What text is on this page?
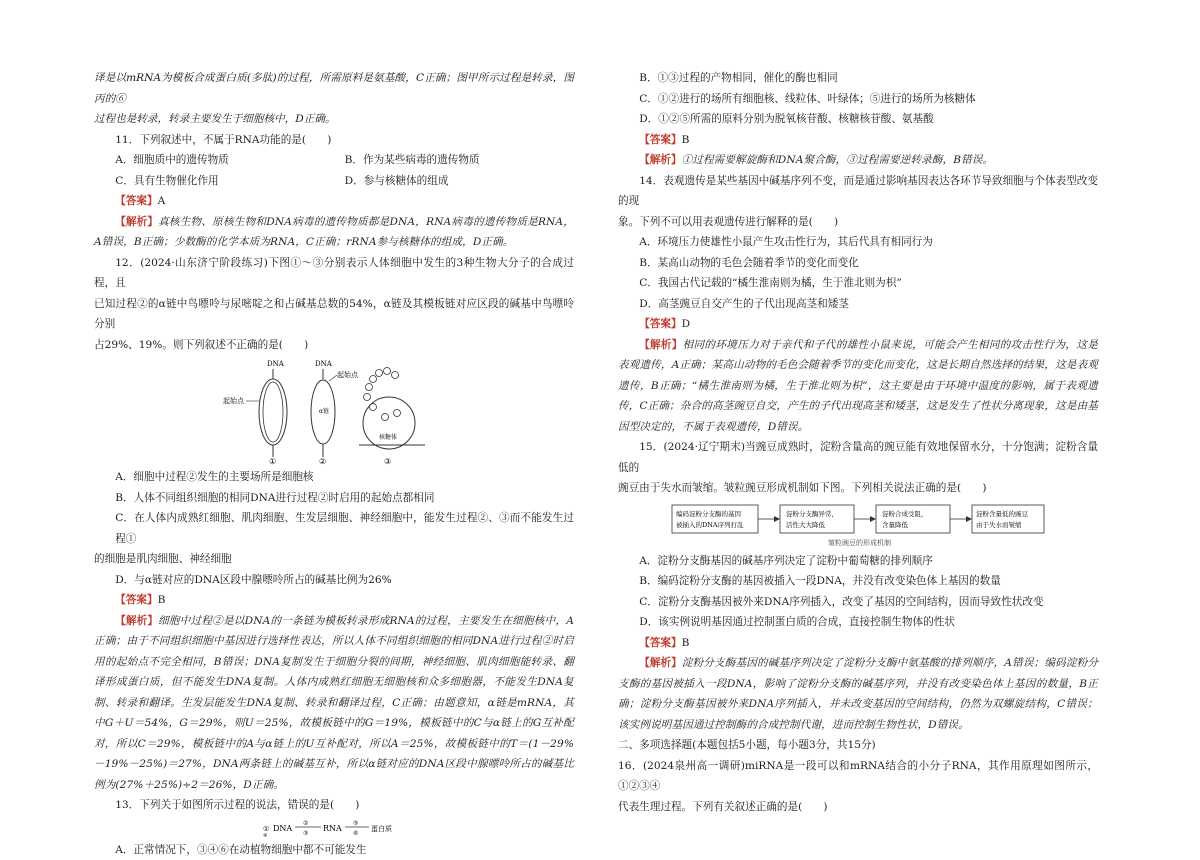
译是以mRNA为模板合成蛋白质(多肽)的过程，所需原料是氨基酸，C正确；图甲所示过程是转录，图丙的⑥

过程也是转录，转录主要发生于细胞核中，D正确。

11．下列叙述中，不属于RNA功能的是(　　)

A．细胞质中的遗传物质	B．作为某些病毒的遗传物质
C．具有生物催化作用	D．参与核糖体的组成

【答案】A

【解析】真核生物、原核生物和DNA病毒的遗传物质都是DNA，RNA病毒的遗传物质是RNA，A错误，B正确；少数酶的化学本质为RNA，C正确；rRNA参与核糖体的组成，D正确。

12．(2024·山东济宁阶段练习)下图①～③分别表示人体细胞中发生的3种生物大分子的合成过程，且

已知过程②的α链中鸟嘌呤与尿嘧啶之和占碱基总数的54%，α链及其模板链对应区段的碱基中鸟嘌呤分别

占29%、19%。则下列叙述不正确的是(　　)

DNA
起始点
①
DNA
α链
起始点
②
核糖体
③

A．细胞中过程②发生的主要场所是细胞核

B．人体不同组织细胞的相同DNA进行过程②时启用的起始点都相同

C．在人体内成熟红细胞、肌肉细胞、生发层细胞、神经细胞中，能发生过程②、③而不能发生过程①

的细胞是肌肉细胞、神经细胞

D．与α链对应的DNA区段中腺嘌呤所占的碱基比例为26%

【答案】B

【解析】细胞中过程②是以DNA的一条链为模板转录形成RNA的过程，主要发生在细胞核中，A正确；由于不同组织细胞中基因进行选择性表达，所以人体不同组织细胞的相同DNA进行过程②时启用的起始点不完全相同，B错误；DNA复制发生于细胞分裂的间期，神经细胞、肌肉细胞能转录、翻译形成蛋白质，但不能发生DNA复制。人体内成熟红细胞无细胞核和众多细胞器，不能发生DNA复制、转录和翻译。生发层能发生DNA复制、转录和翻译过程，C正确；由题意知，α链是mRNA，其中G＋U＝54%，G＝29%，则U＝25%，故模板链中的G＝19%，模板链中的C与α链上的G互补配对，所以C＝29%，模板链中的A与α链上的U互补配对，所以A＝25%，故模板链中的T＝(1－29%－19%－25%)＝27%，DNA两条链上的碱基互补，所以α链对应的DNA区段中腺嘌呤所占的碱基比例为(27%＋25%)÷2＝26%，D正确。

13．下列关于如图所示过程的说法，错误的是(　　)

① DNA
②
③
RNA
⑤
⑥
蛋白质
④

A．正常情况下，③④⑥在动植物细胞中都不可能发生

B．①③过程的产物相同，催化的酶也相同

C．①②进行的场所有细胞核、线粒体、叶绿体；⑤进行的场所为核糖体

D．①②⑤所需的原料分别为脱氧核苷酸、核糖核苷酸、氨基酸

【答案】B

【解析】①过程需要解旋酶和DNA聚合酶，③过程需要逆转录酶，B错误。

14．表观遗传是某些基因中碱基序列不变，而是通过影响基因表达各环节导致细胞与个体表型改变的现

象。下列不可以用表观遗传进行解释的是(　　)

A．环境压力使雄性小鼠产生攻击性行为，其后代具有相同行为

B．某高山动物的毛色会随着季节的变化而变化

C．我国古代记载的“橘生淮南则为橘，生于淮北则为枳”

D．高茎豌豆自交产生的子代出现高茎和矮茎

【答案】D

【解析】相同的环境压力对于亲代和子代的雄性小鼠来说，可能会产生相同的攻击性行为，这是表观遗传，A正确；某高山动物的毛色会随着季节的变化而变化，这是长期自然选择的结果，这是表观遗传，B正确；“橘生淮南则为橘，生于淮北则为枳”，这主要是由于环境中温度的影响，属于表观遗传，C正确；杂合的高茎豌豆自交，产生的子代出现高茎和矮茎，这是发生了性状分离现象，这是由基因型决定的，不属于表观遗传，D错误。

15．(2024·辽宁期末)当豌豆成熟时，淀粉含量高的豌豆能有效地保留水分，十分饱满；淀粉含量低的

豌豆由于失水而皱缩。皱粒豌豆形成机制如下图。下列相关说法正确的是(　　)

编码淀粉分支酶的基因
被插入的DNA序列打乱
淀粉分支酶异常，
活性大大降低
淀粉合成受阻，
含量降低
淀粉含量低的豌豆
由于失水而皱缩
皱粒豌豆的形成机制

A．淀粉分支酶基因的碱基序列决定了淀粉中葡萄糖的排列顺序

B．编码淀粉分支酶的基因被插入一段DNA，并没有改变染色体上基因的数量

C．淀粉分支酶基因被外来DNA序列插入，改变了基因的空间结构，因而导致性状改变

D．该实例说明基因通过控制蛋白质的合成，直接控制生物体的性状

【答案】B

【解析】淀粉分支酶基因的碱基序列决定了淀粉分支酶中氨基酸的排列顺序，A错误；编码淀粉分支酶的基因被插入一段DNA，影响了淀粉分支酶的碱基序列，并没有改变染色体上基因的数量，B正确；淀粉分支酶基因被外来DNA序列插入，并未改变基因的空间结构，仍然为双螺旋结构，C错误；该实例说明基因通过控制酶的合成控制代谢，进而控制生物性状，D错误。

二、多项选择题(本题包括5小题，每小题3分，共15分)

16．(2024泉州高一调研)miRNA是一段可以和mRNA结合的小分子RNA，其作用原理如图所示，①②③④

代表生理过程。下列有关叙述正确的是(　　)
